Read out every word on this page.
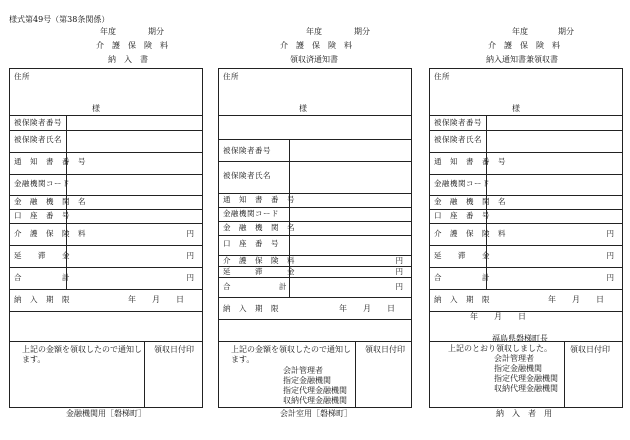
様式第49号（第38条関係）
年度	期分
介　護　保　険　料
納　入　書
年度	期分
介　護　保　険　料
領収済通知書
年度	期分
介　護　保　険　料
納入通知書兼領収書
住所
様
被保険者番号
被保険者氏名
通　知　書　番　号
金融機関コード
金　融　機　関　名
口　座　番　号
介　護　保　険　料	円
延　　滞　　金	円
合　　　　　計	円
納　入　期　限	年　　月　　日
上記の金額を領収したので通知します。
領収日付印
金融機関用［磐梯町］
住所
様
被保険者番号
被保険者氏名
通　知　書　番　号
金融機関コード
金　融　機　関　名
口　座　番　号
介　護　保　険　料	円
延　　　滞　　　金	円
合　　　　　　計	円
納　入　期　限	年　　月　　日
上記の金額を領収したので通知します。
領収日付印
会計管理者
指定金融機関
指定代理金融機関
収納代理金融機関
会計室用［磐梯町］
住所
様
被保険者番号
被保険者氏名
通　知　書　番　号
金融機関コード
金　融　機　関　名
口　座　番　号
介　護　保　険　料	円
延　　滞　　金	円
合　　　　　計	円
納　入　期　限	年　　月　　日
年　　月　　日
福島県磐梯町長
上記のとおり領収しました。 領収日付印
会計管理者
指定金融機関
指定代理金融機関
収納代理金融機関
納　入　者　用
